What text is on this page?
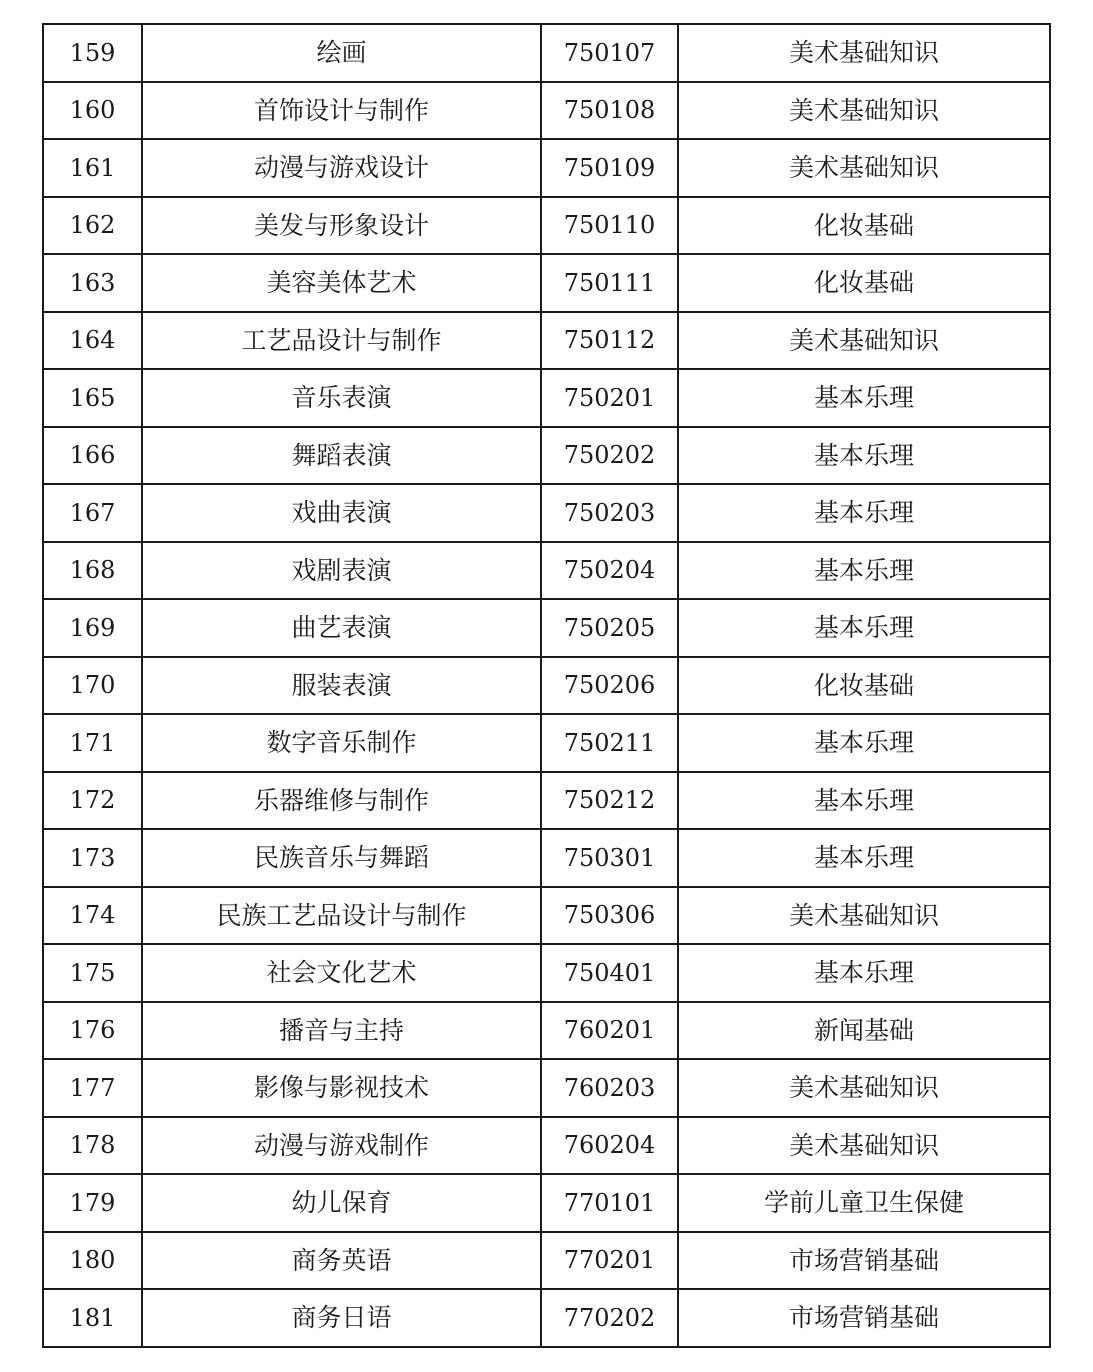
159	绘画	750107	美术基础知识
160	首饰设计与制作	750108	美术基础知识
161	动漫与游戏设计	750109	美术基础知识
162	美发与形象设计	750110	化妆基础
163	美容美体艺术	750111	化妆基础
164	工艺品设计与制作	750112	美术基础知识
165	音乐表演	750201	基本乐理
166	舞蹈表演	750202	基本乐理
167	戏曲表演	750203	基本乐理
168	戏剧表演	750204	基本乐理
169	曲艺表演	750205	基本乐理
170	服装表演	750206	化妆基础
171	数字音乐制作	750211	基本乐理
172	乐器维修与制作	750212	基本乐理
173	民族音乐与舞蹈	750301	基本乐理
174	民族工艺品设计与制作	750306	美术基础知识
175	社会文化艺术	750401	基本乐理
176	播音与主持	760201	新闻基础
177	影像与影视技术	760203	美术基础知识
178	动漫与游戏制作	760204	美术基础知识
179	幼儿保育	770101	学前儿童卫生保健
180	商务英语	770201	市场营销基础
181	商务日语	770202	市场营销基础
